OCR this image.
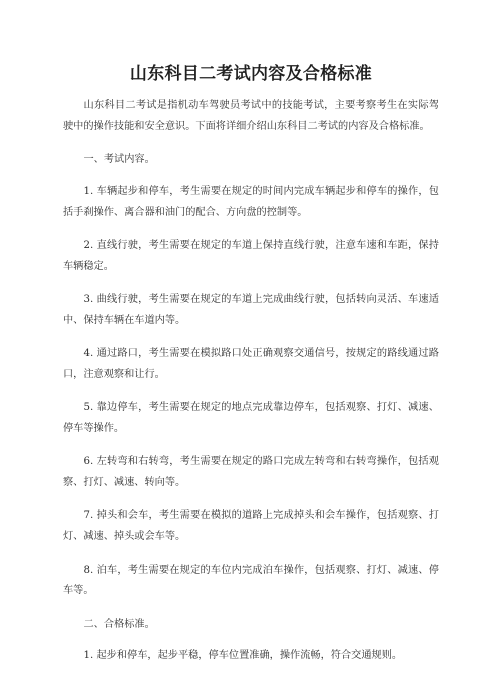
山东科目二考试内容及合格标准

山东科目二考试是指机动车驾驶员考试中的技能考试，主要考察考生在实际驾驶中的操作技能和安全意识。下面将详细介绍山东科目二考试的内容及合格标准。

一、考试内容。

1. 车辆起步和停车，考生需要在规定的时间内完成车辆起步和停车的操作，包括手刹操作、离合器和油门的配合、方向盘的控制等。

2. 直线行驶，考生需要在规定的车道上保持直线行驶，注意车速和车距，保持车辆稳定。

3. 曲线行驶，考生需要在规定的车道上完成曲线行驶，包括转向灵活、车速适中、保持车辆在车道内等。

4. 通过路口，考生需要在模拟路口处正确观察交通信号，按规定的路线通过路口，注意观察和让行。

5. 靠边停车，考生需要在规定的地点完成靠边停车，包括观察、打灯、减速、停车等操作。

6. 左转弯和右转弯，考生需要在规定的路口完成左转弯和右转弯操作，包括观察、打灯、减速、转向等。

7. 掉头和会车，考生需要在模拟的道路上完成掉头和会车操作，包括观察、打灯、减速、掉头或会车等。

8. 泊车，考生需要在规定的车位内完成泊车操作，包括观察、打灯、减速、停车等。

二、合格标准。

1. 起步和停车，起步平稳，停车位置准确，操作流畅，符合交通规则。
